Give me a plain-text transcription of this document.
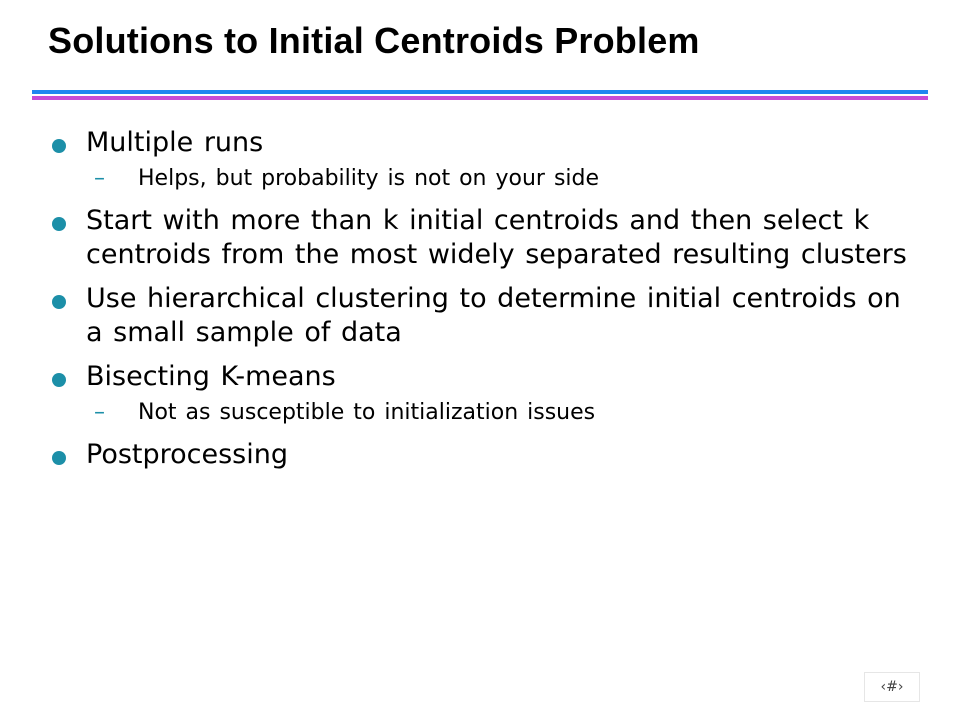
Solutions to Initial Centroids Problem
Multiple runs
– Helps, but probability is not on your side
Start with more than k initial centroids and then select k centroids from the most widely separated resulting clusters
Use hierarchical clustering to determine initial centroids on a small sample of data
Bisecting K-means
– Not as susceptible to initialization issues
Postprocessing
‹#›
